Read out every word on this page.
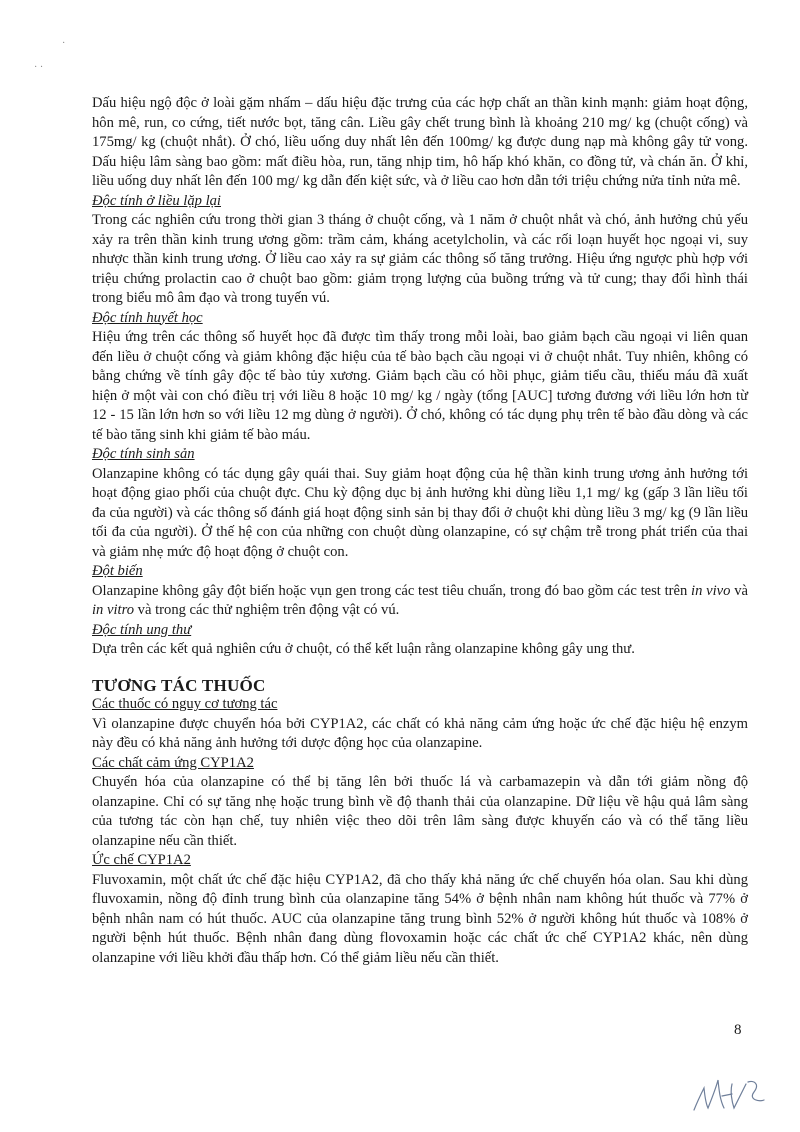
·
· ·

Dấu hiệu ngộ độc ở loài gặm nhấm – dấu hiệu đặc trưng của các hợp chất an thần kinh mạnh: giảm hoạt động, hôn mê, run, co cứng, tiết nước bọt, tăng cân. Liều gây chết trung bình là khoảng 210 mg/ kg (chuột cống) và 175mg/ kg (chuột nhắt). Ở chó, liều uống duy nhất lên đến 100mg/ kg được dung nạp mà không gây tử vong. Dấu hiệu lâm sàng bao gồm: mất điều hòa, run, tăng nhịp tim, hô hấp khó khăn, co đồng tử, và chán ăn. Ở khỉ, liều uống duy nhất lên đến 100 mg/ kg dẫn đến kiệt sức, và ở liều cao hơn dẫn tới triệu chứng nửa tỉnh nửa mê.

Độc tính ở liều lặp lại

Trong các nghiên cứu trong thời gian 3 tháng ở chuột cống, và 1 năm ở chuột nhắt và chó, ảnh hưởng chủ yếu xảy ra trên thần kinh trung ương gồm: trầm cảm, kháng acetylcholin, và các rối loạn huyết học ngoại vi, suy nhược thần kinh trung ương. Ở liều cao xảy ra sự giảm các thông số tăng trưởng. Hiệu ứng ngược phù hợp với triệu chứng prolactin cao ở chuột bao gồm: giảm trọng lượng của buồng trứng và tử cung; thay đổi hình thái trong biểu mô âm đạo và trong tuyến vú.

Độc tính huyết học

Hiệu ứng trên các thông số huyết học đã được tìm thấy trong mỗi loài, bao giảm bạch cầu ngoại vi liên quan đến liều ở chuột cống và giảm không đặc hiệu của tế bào bạch cầu ngoại vi ở chuột nhắt. Tuy nhiên, không có bằng chứng về tính gây độc tế bào tủy xương. Giảm bạch cầu có hồi phục, giảm tiểu cầu, thiếu máu đã xuất hiện ở một vài con chó điều trị với liều 8 hoặc 10 mg/ kg / ngày (tổng [AUC] tương đương với liều lớn hơn từ 12 - 15 lần lớn hơn so với liều 12 mg dùng ở người). Ở chó, không có tác dụng phụ trên tế bào đầu dòng và các tế bào tăng sinh khi giảm tế bào máu.

Độc tính sinh sản

Olanzapine không có tác dụng gây quái thai. Suy giảm hoạt động của hệ thần kinh trung ương ảnh hưởng tới hoạt động giao phối của chuột đực. Chu kỳ động dục bị ảnh hưởng khi dùng liều 1,1 mg/ kg (gấp 3 lần liều tối đa của người) và các thông số đánh giá hoạt động sinh sản bị thay đổi ở chuột khi dùng liều 3 mg/ kg (9 lần liều tối đa của người). Ở thế hệ con của những con chuột dùng olanzapine, có sự chậm trễ trong phát triển của thai và giảm nhẹ mức độ hoạt động ở chuột con.

Đột biến

Olanzapine không gây đột biến hoặc vụn gen trong các test tiêu chuẩn, trong đó bao gồm các test trên in vivo và in vitro và trong các thử nghiệm trên động vật có vú.

Độc tính ung thư

Dựa trên các kết quả nghiên cứu ở chuột, có thể kết luận rằng olanzapine không gây ung thư.

TƯƠNG TÁC THUỐC

Các thuốc có nguy cơ tương tác

Vì olanzapine được chuyển hóa bởi CYP1A2, các chất có khả năng cảm ứng hoặc ức chế đặc hiệu hệ enzym này đều có khả năng ảnh hưởng tới dược động học của olanzapine.

Các chất cảm ứng CYP1A2

Chuyển hóa của olanzapine có thể bị tăng lên bởi thuốc lá và carbamazepin và dẫn tới giảm nồng độ olanzapine. Chỉ có sự tăng nhẹ hoặc trung bình về độ thanh thải của olanzapine. Dữ liệu về hậu quả lâm sàng của tương tác còn hạn chế, tuy nhiên việc theo dõi trên lâm sàng được khuyến cáo và có thể tăng liều olanzapine nếu cần thiết.

Ức chế CYP1A2

Fluvoxamin, một chất ức chế đặc hiệu CYP1A2, đã cho thấy khả năng ức chế chuyển hóa olan. Sau khi dùng fluvoxamin, nồng độ đỉnh trung bình của olanzapine tăng 54% ở bệnh nhân nam không hút thuốc và 77% ở bệnh nhân nam có hút thuốc. AUC của olanzapine tăng trung bình 52% ở người không hút thuốc và 108% ở người bệnh hút thuốc. Bệnh nhân đang dùng flovoxamin hoặc các chất ức chế CYP1A2 khác, nên dùng olanzapine với liều khởi đầu thấp hơn. Có thể giảm liều nếu cần thiết.

8
